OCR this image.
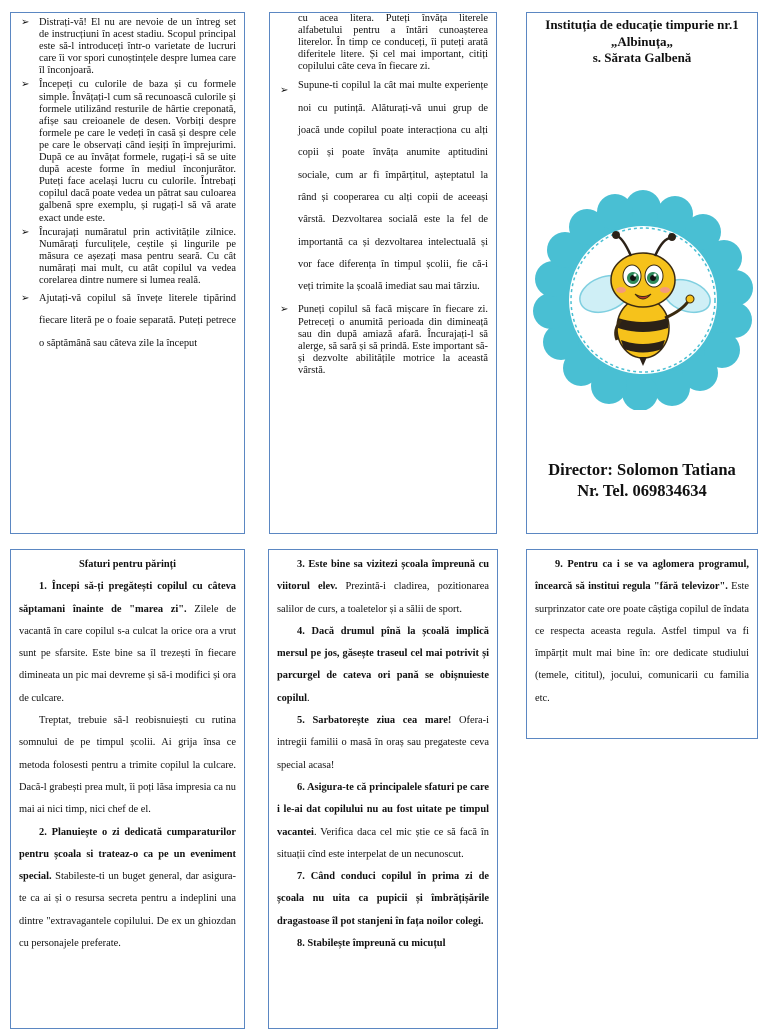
➢ Distrați-vă! El nu are nevoie de un întreg set de instrucțiuni în acest stadiu. Scopul principal este să-l introduceți într-o varietate de lucruri care îi vor spori cunoștințele despre lumea care îl înconjoară.
➢ Începeți cu culorile de baza și cu formele simple. Învățați-l cum să recunoască culorile și formele utilizând resturile de hârtie creponată, afișe sau creioanele de desen. Vorbiți despre formele pe care le vedeți în casă și despre cele pe care le observați când ieșiți în împrejurimi. După ce au învățat formele, rugați-i să se uite după aceste forme în mediul înconjurător. Puteți face același lucru cu culorile. Întrebați copilul dacă poate vedea un pătrat sau culoarea galbenă spre exemplu, și rugați-l să vă arate exact unde este.
➢ Încurajați număratul prin activitățile zilnice. Numărați furculițele, ceștile și lingurile pe măsura ce așezați masa pentru seară. Cu cât numărați mai mult, cu atât copilul va vedea corelarea dintre numere si lumea reală.
➢ Ajutați-vă copilul să învețe literele tipărind fiecare literă pe o foaie separată. Puteți petrece o săptămână sau câteva zile la început
cu acea litera. Puteți învăța literele alfabetului pentru a întări cunoașterea literelor. În timp ce conduceți, îi puteți arată diferitele litere. Și cel mai important, citiți copilului câte ceva în fiecare zi.
➢ Supune-ti copilul la cât mai multe experiențe noi cu putință. Alăturați-vă unui grup de joacă unde copilul poate interacționa cu alți copii și poate învăța anumite aptitudini sociale, cum ar fi împărțitul, așteptatul la rând și cooperarea cu alți copii de aceeași vârstă. Dezvoltarea socială este la fel de importantă ca și dezvoltarea intelectuală și vor face diferența în timpul școlii, fie că-i veți trimite la școală imediat sau mai târziu.
➢ Puneți copilul să facă mișcare în fiecare zi. Petreceți o anumită perioada din dimineață sau din după amiază afară. Încurajați-l să alerge, să sară și să prindă. Este important să-și dezvolte abilitățile motrice la această vârstă.
Instituția de educație timpurie nr.1
„Albinuța„
s. Sărata Galbenă
Director: Solomon Tatiana
Nr. Tel. 069834634
Sfaturi pentru părinți

1. Începi să-ți pregătești copilul cu câteva săptamani înainte de "marea zi". Zilele de vacantă în care copilul s-a culcat la orice ora a vrut sunt pe sfarsite. Este bine sa îl trezești în fiecare dimineata un pic mai devreme și să-i modifici și ora de culcare.

Treptat, trebuie să-l reobisnuiești cu rutina somnului de pe timpul școlii. Ai grija însa ce metoda folosesti pentru a trimite copilul la culcare. Dacă-l grabești prea mult, îi poți lăsa impresia ca nu mai ai nici timp, nici chef de el.

2. Planuiește o zi dedicată cumparaturilor pentru școala si trateaz-o ca pe un eveniment special. Stabileste-ti un buget general, dar asigura-te ca ai și o resursa secreta pentru a indeplini una dintre "extravagantele copilului. De ex un ghiozdan cu personajele preferate.

3. Este bine sa vizitezi școala împreună cu viitorul elev. Prezintă-i cladirea, pozitionarea salilor de curs, a toaletelor și a sălii de sport.

4. Dacă drumul pînă la școală implică mersul pe jos, găsește traseul cel mai potrivit și parcurgel de cateva ori pană se obișnuieste copilul.

5. Sarbatorește ziua cea mare! Ofera-i intregii familii o masă în oraș sau pregateste ceva special acasa!

6. Asigura-te că principalele sfaturi pe care i le-ai dat copilului nu au fost uitate pe timpul vacantei. Verifica daca cel mic știe ce să facă în situații cînd este interpelat de un necunoscut.

7. Când conduci copilul în prima zi de școala nu uita ca pupicii și îmbrățișările dragastoase îl pot stanjeni în fața noilor colegi.

8. Stabilește împreună cu micuțul

9. Pentru ca i se va aglomera programul, încearcă să institui regula "fără televizor". Este surprinzator cate ore poate câștiga copilul de îndata ce respecta aceasta regula. Astfel timpul va fi împărțit mult mai bine în: ore dedicate studiului (temele, cititul), jocului, comunicarii cu familia etc.
